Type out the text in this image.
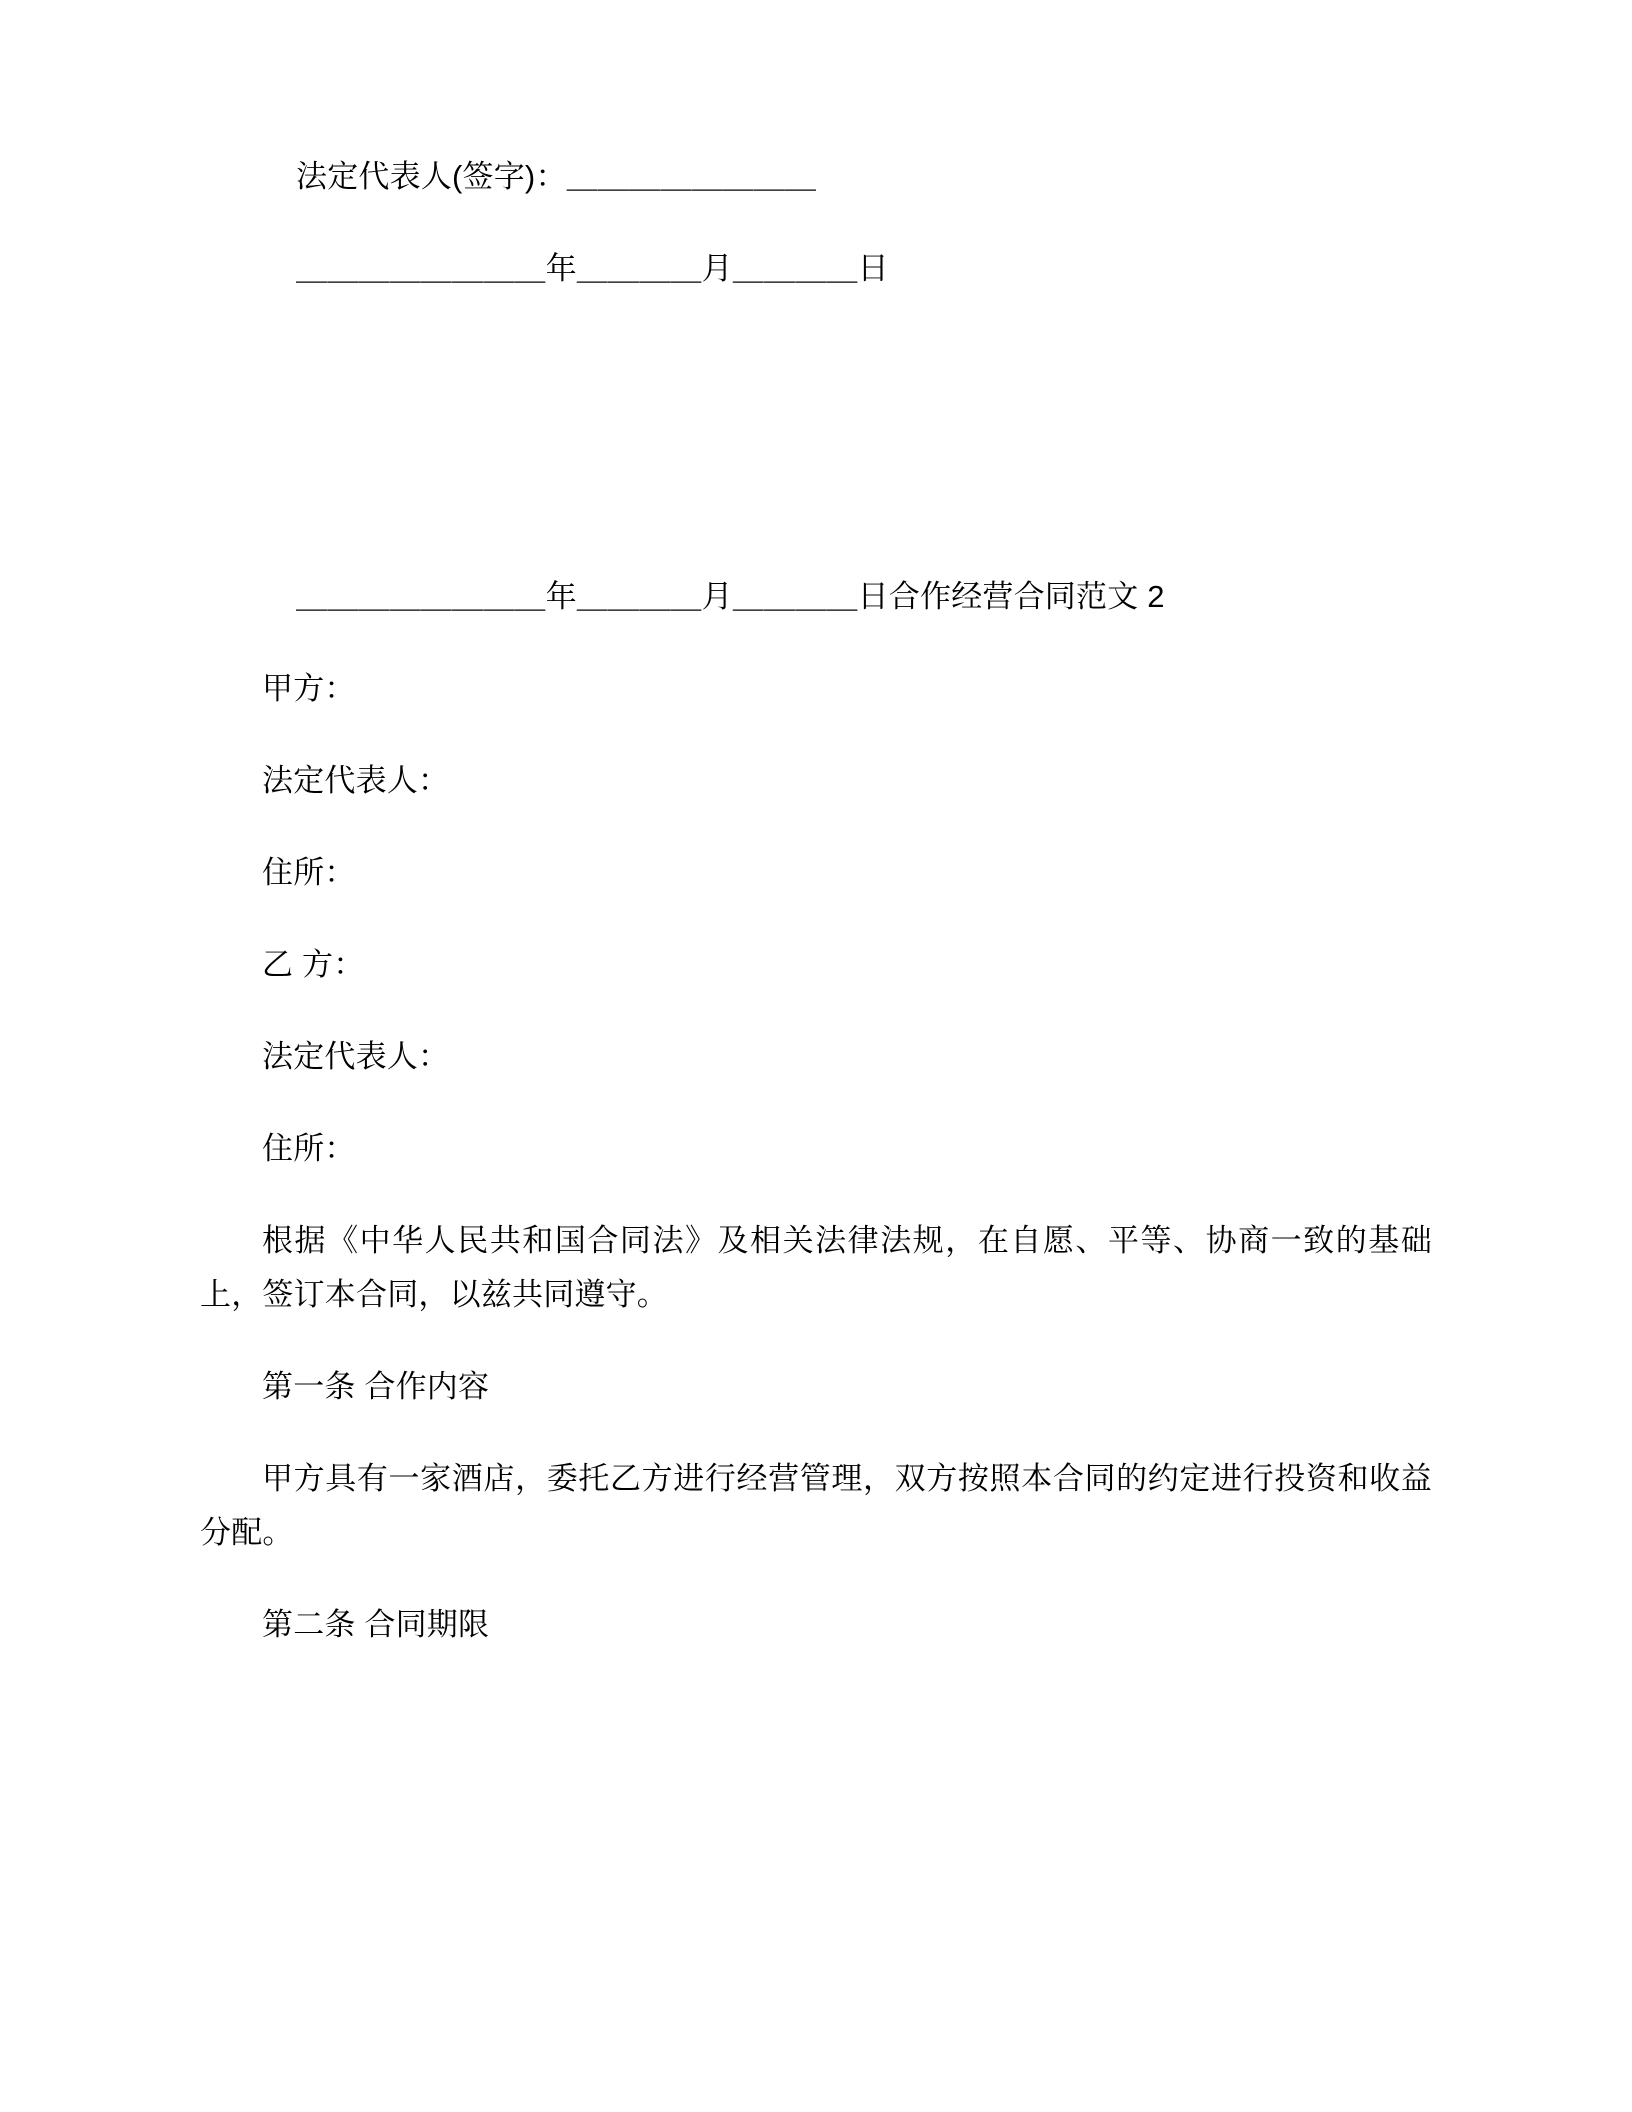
法定代表人(签字)：＿＿＿＿＿＿＿＿

＿＿＿＿＿＿＿＿年＿＿＿＿月＿＿＿＿日

＿＿＿＿＿＿＿＿年＿＿＿＿月＿＿＿＿日合作经营合同范文 2

甲方：

法定代表人：

住所：

乙 方：

法定代表人：

住所：

根据《中华人民共和国合同法》及相关法律法规，在自愿、平等、协商一致的基础上，签订本合同，以兹共同遵守。

第一条 合作内容

甲方具有一家酒店，委托乙方进行经营管理，双方按照本合同的约定进行投资和收益分配。

第二条 合同期限
